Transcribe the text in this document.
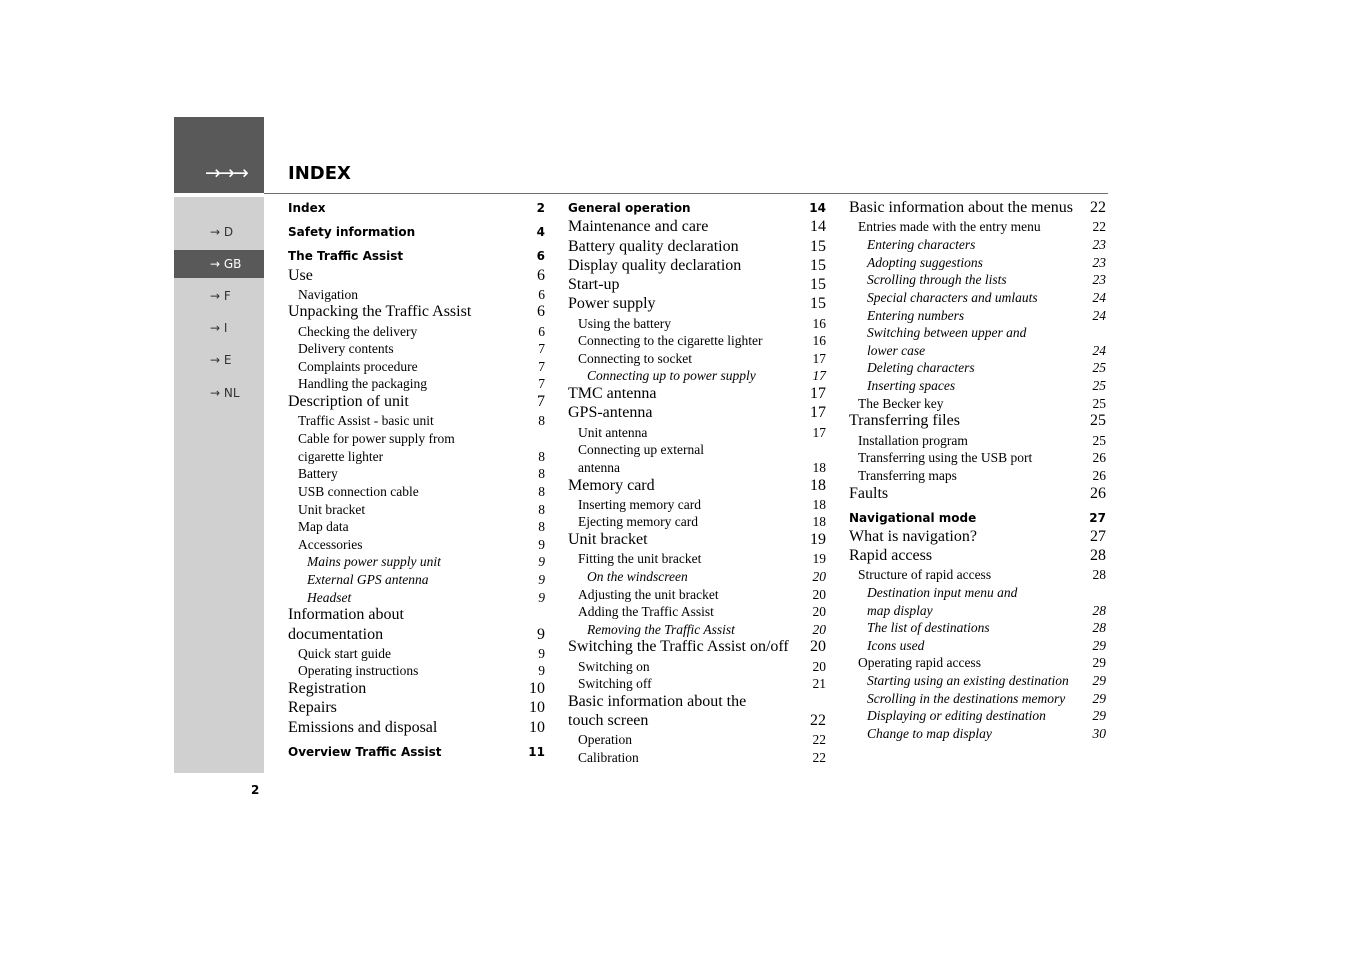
→→→
→ D
→ GB
→ F
→ I
→ E
→ NL
INDEX
Index	2
Safety information	4
The Traffic Assist	6
Use	6
Navigation	6
Unpacking the Traffic Assist	6
Checking the delivery	6
Delivery contents	7
Complaints procedure	7
Handling the packaging	7
Description of unit	7
Traffic Assist - basic unit	8
Cable for power supply from
cigarette lighter	8
Battery	8
USB connection cable	8
Unit bracket	8
Map data	8
Accessories	9
Mains power supply unit	9
External GPS antenna	9
Headset	9
Information about
documentation	9
Quick start guide	9
Operating instructions	9
Registration	10
Repairs	10
Emissions and disposal	10
Overview Traffic Assist	11
General operation	14
Maintenance and care	14
Battery quality declaration	15
Display quality declaration	15
Start-up	15
Power supply	15
Using the battery	16
Connecting to the cigarette lighter	16
Connecting to socket	17
Connecting up to power supply	17
TMC antenna	17
GPS-antenna	17
Unit antenna	17
Connecting up external
antenna	18
Memory card	18
Inserting memory card	18
Ejecting memory card	18
Unit bracket	19
Fitting the unit bracket	19
On the windscreen	20
Adjusting the unit bracket	20
Adding the Traffic Assist	20
Removing the Traffic Assist	20
Switching the Traffic Assist on/off 20
Switching on	20
Switching off	21
Basic information about the
touch screen	22
Operation	22
Calibration	22
Basic information about the menus 22
Entries made with the entry menu	22
Entering characters	23
Adopting suggestions	23
Scrolling through the lists	23
Special characters and umlauts	24
Entering numbers	24
Switching between upper and
lower case	24
Deleting characters	25
Inserting spaces	25
The Becker key	25
Transferring files	25
Installation program	25
Transferring using the USB port	26
Transferring maps	26
Faults	26
Navigational mode	27
What is navigation?	27
Rapid access	28
Structure of rapid access	28
Destination input menu and
map display	28
The list of destinations	28
Icons used	29
Operating rapid access	29
Starting using an existing destination 29
Scrolling in the destinations memory 29
Displaying or editing destination	29
Change to map display	30
2
